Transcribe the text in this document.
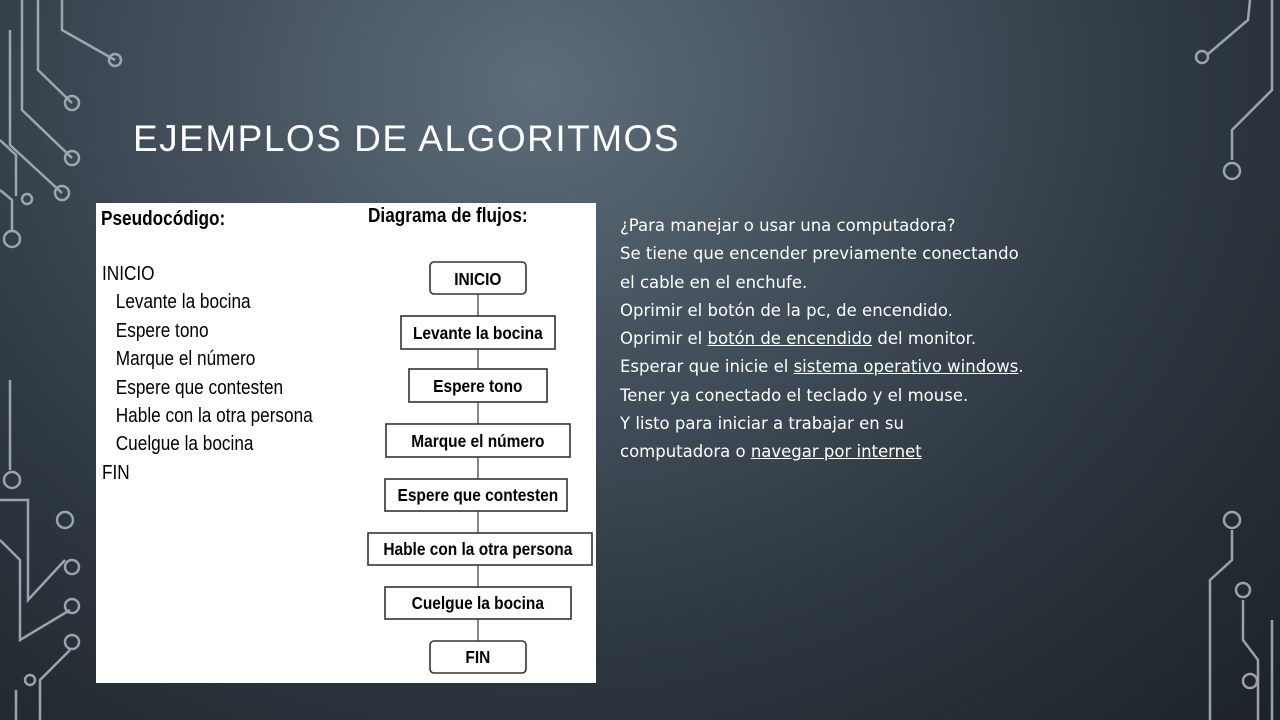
EJEMPLOS DE ALGORITMOS
Pseudocódigo:	Diagrama de flujos:
INICIO
Levante la bocina
Espere tono
Marque el número
Espere que contesten
Hable con la otra persona
Cuelgue la bocina
FIN
INICIO
Levante la bocina
Espere tono
Marque el número
Espere que contesten
Hable con la otra persona
Cuelgue la bocina
FIN
¿Para manejar o usar una computadora?
Se tiene que encender previamente conectando
el cable en el enchufe.
Oprimir el botón de la pc, de encendido.
Oprimir el botón de encendido del monitor.
Esperar que inicie el sistema operativo windows.
Tener ya conectado el teclado y el mouse.
Y listo para iniciar a trabajar en su
computadora o navegar por internet
